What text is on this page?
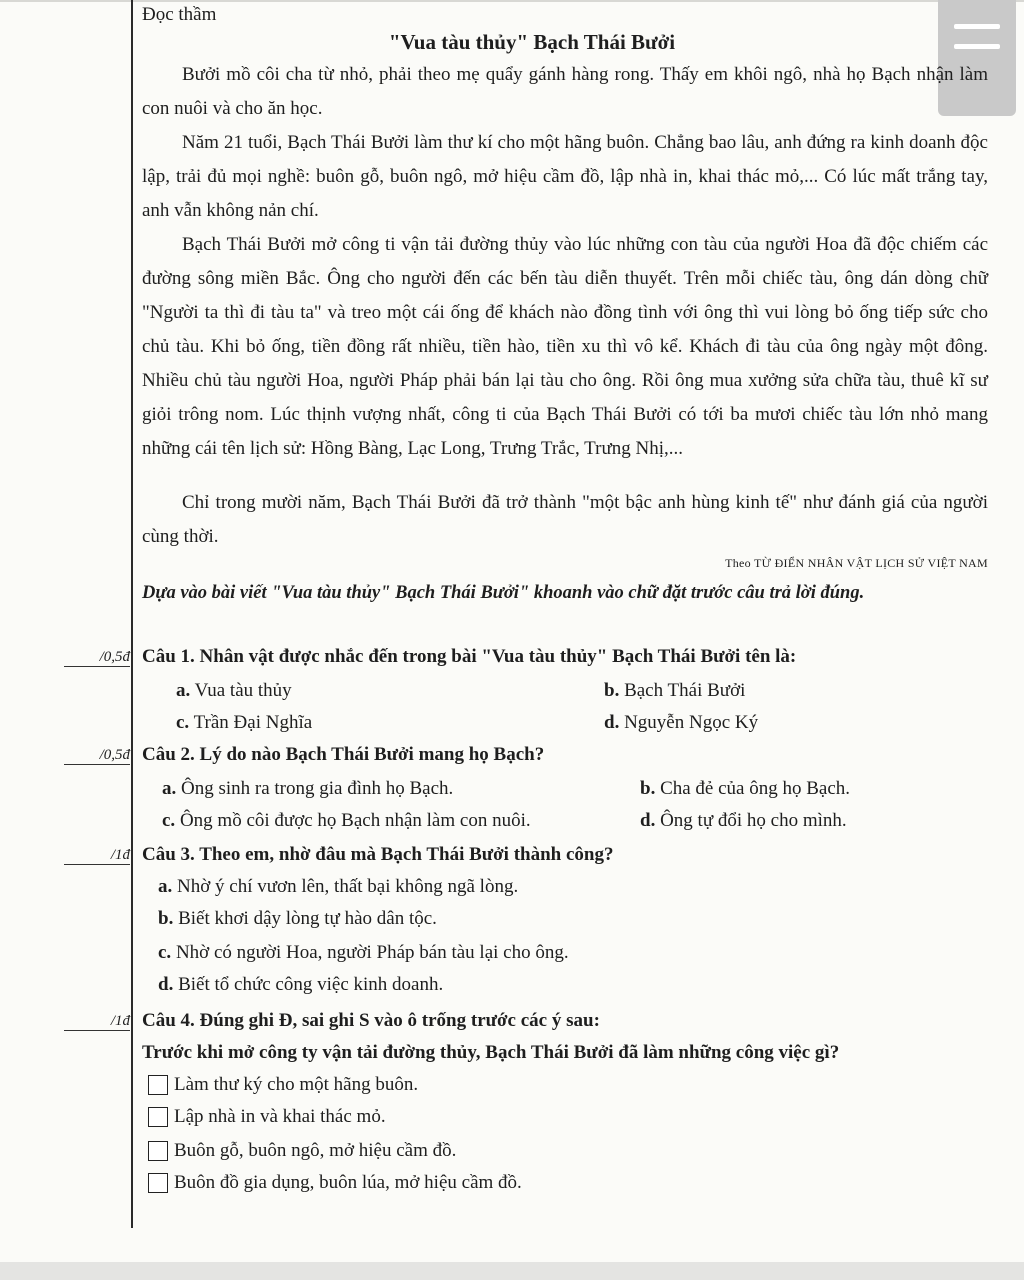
Đọc thầm
"Vua tàu thủy" Bạch Thái Bưởi

Bưởi mồ côi cha từ nhỏ, phải theo mẹ quẩy gánh hàng rong. Thấy em khôi ngô, nhà họ Bạch nhận làm con nuôi và cho ăn học.

Năm 21 tuổi, Bạch Thái Bưởi làm thư kí cho một hãng buôn. Chẳng bao lâu, anh đứng ra kinh doanh độc lập, trải đủ mọi nghề: buôn gỗ, buôn ngô, mở hiệu cầm đồ, lập nhà in, khai thác mỏ,... Có lúc mất trắng tay, anh vẫn không nản chí.

Bạch Thái Bưởi mở công ti vận tải đường thủy vào lúc những con tàu của người Hoa đã độc chiếm các đường sông miền Bắc. Ông cho người đến các bến tàu diễn thuyết. Trên mỗi chiếc tàu, ông dán dòng chữ "Người ta thì đi tàu ta" và treo một cái ống để khách nào đồng tình với ông thì vui lòng bỏ ống tiếp sức cho chủ tàu. Khi bỏ ống, tiền đồng rất nhiều, tiền hào, tiền xu thì vô kể. Khách đi tàu của ông ngày một đông. Nhiều chủ tàu người Hoa, người Pháp phải bán lại tàu cho ông. Rồi ông mua xưởng sửa chữa tàu, thuê kĩ sư giỏi trông nom. Lúc thịnh vượng nhất, công ti của Bạch Thái Bưởi có tới ba mươi chiếc tàu lớn nhỏ mang những cái tên lịch sử: Hồng Bàng, Lạc Long, Trưng Trắc, Trưng Nhị,...

Chỉ trong mười năm, Bạch Thái Bưởi đã trở thành "một bậc anh hùng kinh tế" như đánh giá của người cùng thời.

Theo TỪ ĐIỂN NHÂN VẬT LỊCH SỬ VIỆT NAM

Dựa vào bài viết "Vua tàu thủy" Bạch Thái Bưởi" khoanh vào chữ đặt trước câu trả lời đúng.

/0,5đ Câu 1. Nhân vật được nhắc đến trong bài "Vua tàu thủy" Bạch Thái Bưởi tên là:
a. Vua tàu thủy	b. Bạch Thái Bưởi
c. Trần Đại Nghĩa	d. Nguyễn Ngọc Ký
/0,5đ Câu 2. Lý do nào Bạch Thái Bưởi mang họ Bạch?
a. Ông sinh ra trong gia đình họ Bạch.	b. Cha đẻ của ông họ Bạch.
c. Ông mồ côi được họ Bạch nhận làm con nuôi.	d. Ông tự đổi họ cho mình.
/1đ Câu 3. Theo em, nhờ đâu mà Bạch Thái Bưởi thành công?
a. Nhờ ý chí vươn lên, thất bại không ngã lòng.
b. Biết khơi dậy lòng tự hào dân tộc.
c. Nhờ có người Hoa, người Pháp bán tàu lại cho ông.
d. Biết tổ chức công việc kinh doanh.
/1đ Câu 4. Đúng ghi Đ, sai ghi S vào ô trống trước các ý sau:
Trước khi mở công ty vận tải đường thủy, Bạch Thái Bưởi đã làm những công việc gì?
Làm thư ký cho một hãng buôn.
Lập nhà in và khai thác mỏ.
Buôn gỗ, buôn ngô, mở hiệu cầm đồ.
Buôn đồ gia dụng, buôn lúa, mở hiệu cầm đồ.
